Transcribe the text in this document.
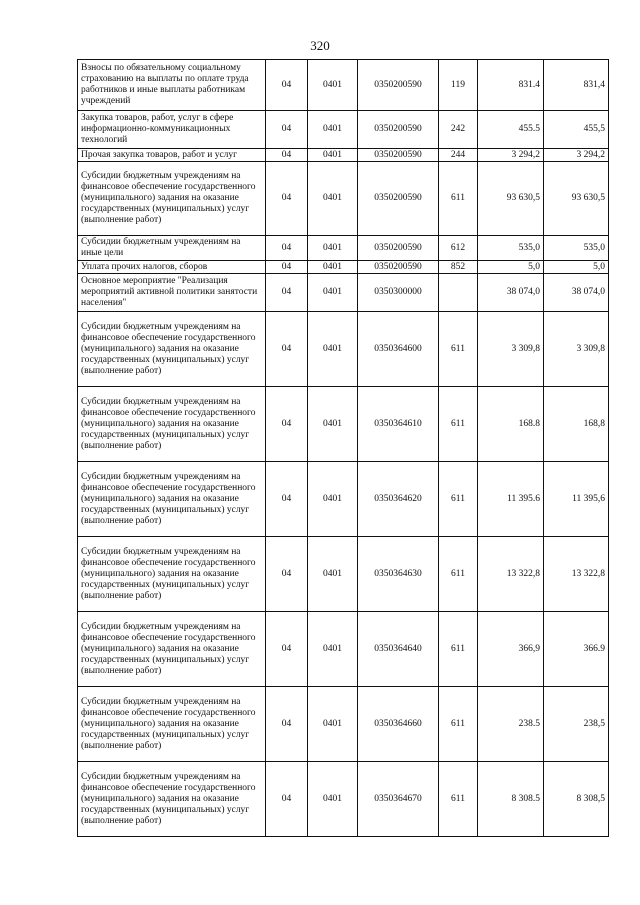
320
Взносы по обязательному социальному страхованию на выплаты по оплате труда работников и иные выплаты работникам учреждений	04	0401	0350200590	119	831.4	831,4
Закупка товаров, работ, услуг в сфере информационно-коммуникационных технологий	04	0401	0350200590	242	455.5	455,5
Прочая закупка товаров, работ и услуг	04	0401	0350200590	244	3 294,2	3 294,2
Субсидии бюджетным учреждениям на финансовое обеспечение государственного (муниципального) задания на оказание государственных (муниципальных) услуг (выполнение работ)	04	0401	0350200590	611	93 630,5	93 630,5
Субсидии бюджетным учреждениям на иные цели	04	0401	0350200590	612	535,0	535,0
Уплата прочих налогов, сборов	04	0401	0350200590	852	5,0	5,0
Основное мероприятие "Реализация мероприятий активной политики занятости населения"	04	0401	0350300000		38 074,0	38 074,0
Субсидии бюджетным учреждениям на финансовое обеспечение государственного (муниципального) задания на оказание государственных (муниципальных) услуг (выполнение работ)	04	0401	0350364600	611	3 309,8	3 309,8
Субсидии бюджетным учреждениям на финансовое обеспечение государственного (муниципального) задания на оказание государственных (муниципальных) услуг (выполнение работ)	04	0401	0350364610	611	168.8	168,8
Субсидии бюджетным учреждениям на финансовое обеспечение государственного (муниципального) задания на оказание государственных (муниципальных) услуг (выполнение работ)	04	0401	0350364620	611	11 395.6	11 395,6
Субсидии бюджетным учреждениям на финансовое обеспечение государственного (муниципального) задания на оказание государственных (муниципальных) услуг (выполнение работ)	04	0401	0350364630	611	13 322,8	13 322,8
Субсидии бюджетным учреждениям на финансовое обеспечение государственного (муниципального) задания на оказание государственных (муниципальных) услуг (выполнение работ)	04	0401	0350364640	611	366,9	366.9
Субсидии бюджетным учреждениям на финансовое обеспечение государственного (муниципального) задания на оказание государственных (муниципальных) услуг (выполнение работ)	04	0401	0350364660	611	238.5	238,5
Субсидии бюджетным учреждениям на финансовое обеспечение государственного (муниципального) задания на оказание государственных (муниципальных) услуг (выполнение работ)	04	0401	0350364670	611	8 308.5	8 308,5
